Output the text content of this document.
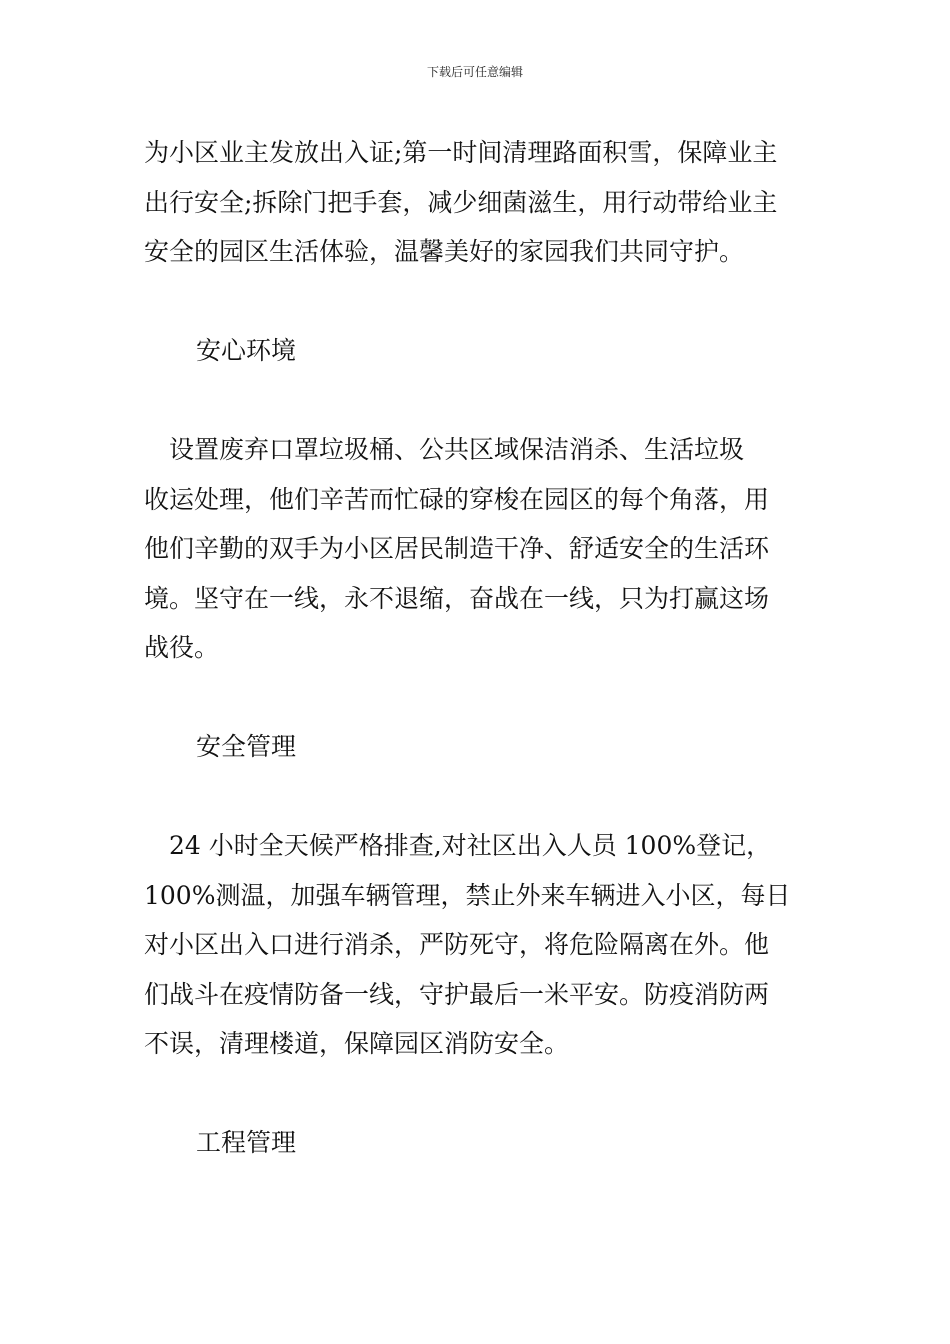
下载后可任意编辑

为小区业主发放出入证;第一时间清理路面积雪，保障业主
出行安全;拆除门把手套，减少细菌滋生，用行动带给业主
安全的园区生活体验，温馨美好的家园我们共同守护。

安心环境

　设置废弃口罩垃圾桶、公共区域保洁消杀、生活垃圾
收运处理，他们辛苦而忙碌的穿梭在园区的每个角落，用
他们辛勤的双手为小区居民制造干净、舒适安全的生活环
境。坚守在一线，永不退缩，奋战在一线，只为打赢这场
战役。

安全管理

　24 小时全天候严格排查,对社区出入人员 100%登记，
100%测温，加强车辆管理，禁止外来车辆进入小区，每日
对小区出入口进行消杀，严防死守，将危险隔离在外。他
们战斗在疫情防备一线，守护最后一米平安。防疫消防两
不误，清理楼道，保障园区消防安全。

工程管理
